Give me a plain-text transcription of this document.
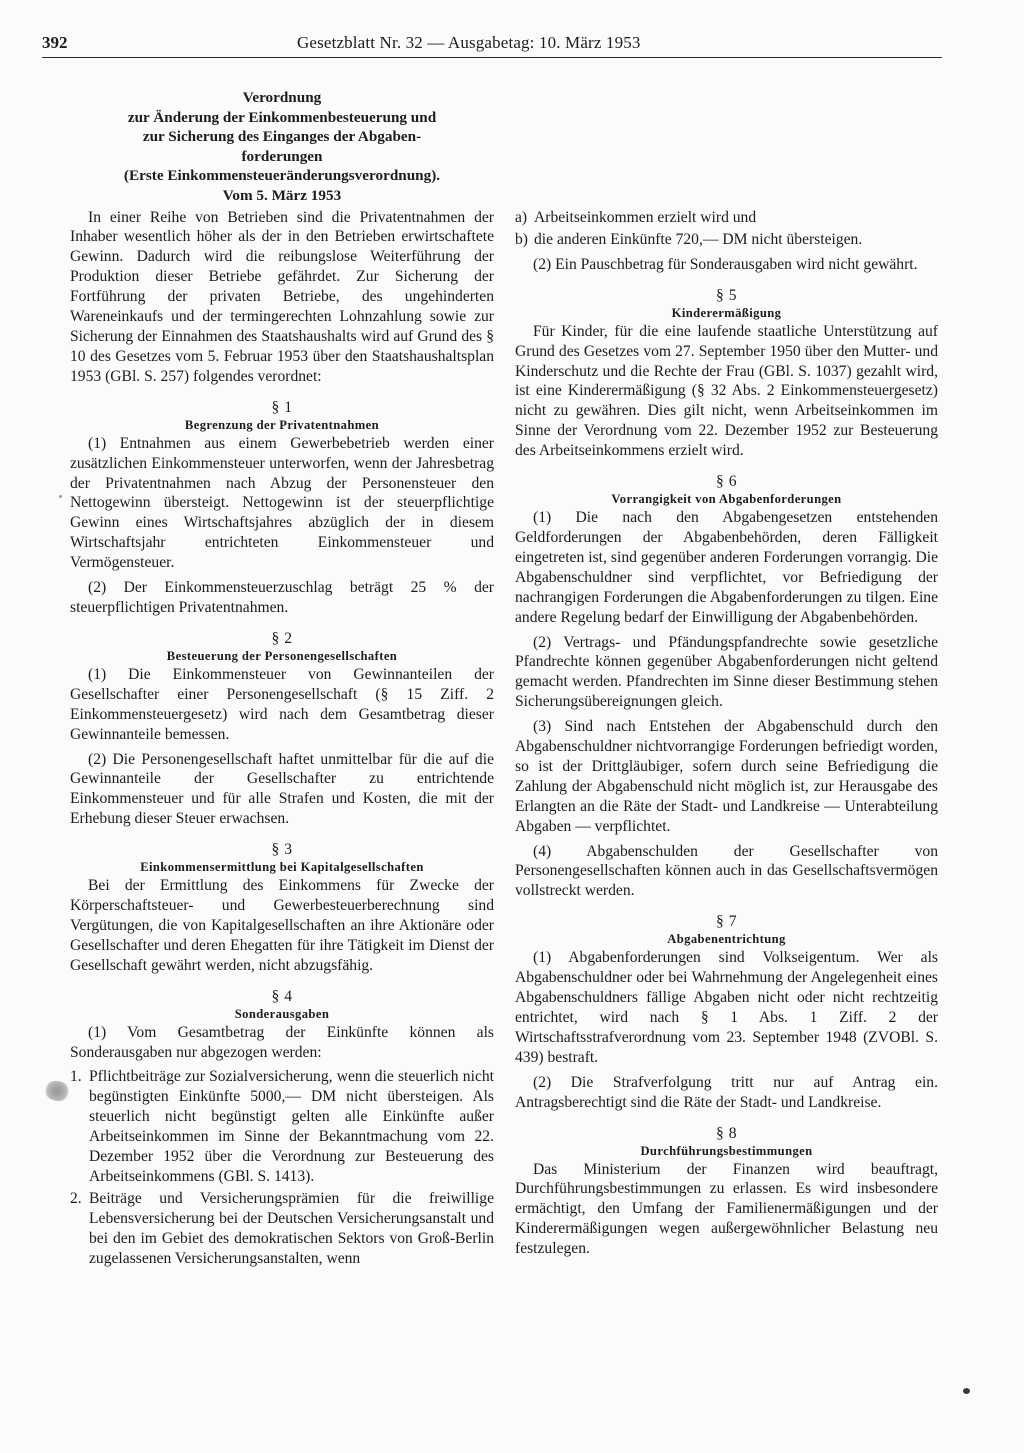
392	Gesetzblatt Nr. 32 — Ausgabetag: 10. März 1953
Verordnung
zur Änderung der Einkommenbesteuerung und
zur Sicherung des Einganges der Abgaben-
forderungen
(Erste Einkommensteueränderungsverordnung).
Vom 5. März 1953

In einer Reihe von Betrieben sind die Privatentnahmen der Inhaber wesentlich höher als der in den Betrieben erwirtschaftete Gewinn. Dadurch wird die reibungslose Weiterführung der Produktion dieser Betriebe gefährdet. Zur Sicherung der Fortführung der privaten Betriebe, des ungehinderten Wareneinkaufs und der termingerechten Lohnzahlung sowie zur Sicherung der Einnahmen des Staatshaushalts wird auf Grund des § 10 des Gesetzes vom 5. Februar 1953 über den Staatshaushaltsplan 1953 (GBl. S. 257) folgendes verordnet:

§ 1
Begrenzung der Privatentnahmen

(1) Entnahmen aus einem Gewerbebetrieb werden einer zusätzlichen Einkommensteuer unterworfen, wenn der Jahresbetrag der Privatentnahmen nach Abzug der Personensteuer den Nettogewinn übersteigt. Nettogewinn ist der steuerpflichtige Gewinn eines Wirtschaftsjahres abzüglich der in diesem Wirtschaftsjahr entrichteten Einkommensteuer und Vermögensteuer.

(2) Der Einkommensteuerzuschlag beträgt 25 % der steuerpflichtigen Privatentnahmen.

§ 2
Besteuerung der Personengesellschaften

(1) Die Einkommensteuer von Gewinnanteilen der Gesellschafter einer Personengesellschaft (§ 15 Ziff. 2 Einkommensteuergesetz) wird nach dem Gesamtbetrag dieser Gewinnanteile bemessen.

(2) Die Personengesellschaft haftet unmittelbar für die auf die Gewinnanteile der Gesellschafter zu entrichtende Einkommensteuer und für alle Strafen und Kosten, die mit der Erhebung dieser Steuer erwachsen.

§ 3
Einkommensermittlung bei Kapitalgesellschaften

Bei der Ermittlung des Einkommens für Zwecke der Körperschaftsteuer- und Gewerbesteuerberechnung sind Vergütungen, die von Kapitalgesellschaften an ihre Aktionäre oder Gesellschafter und deren Ehegatten für ihre Tätigkeit im Dienst der Gesellschaft gewährt werden, nicht abzugsfähig.

§ 4
Sonderausgaben

(1) Vom Gesamtbetrag der Einkünfte können als Sonderausgaben nur abgezogen werden:

1. Pflichtbeiträge zur Sozialversicherung, wenn die steuerlich nicht begünstigten Einkünfte 5000,— DM nicht übersteigen. Als steuerlich nicht begünstigt gelten alle Einkünfte außer Arbeitseinkommen im Sinne der Bekanntmachung vom 22. Dezember 1952 über die Verordnung zur Besteuerung des Arbeitseinkommens (GBl. S. 1413).
2. Beiträge und Versicherungsprämien für die freiwillige Lebensversicherung bei der Deutschen Versicherungsanstalt und bei den im Gebiet des demokratischen Sektors von Groß-Berlin zugelassenen Versicherungsanstalten, wenn
a) Arbeitseinkommen erzielt wird und
b) die anderen Einkünfte 720,— DM nicht übersteigen.

(2) Ein Pauschbetrag für Sonderausgaben wird nicht gewährt.

§ 5
Kinderermäßigung

Für Kinder, für die eine laufende staatliche Unterstützung auf Grund des Gesetzes vom 27. September 1950 über den Mutter- und Kinderschutz und die Rechte der Frau (GBl. S. 1037) gezahlt wird, ist eine Kinderermäßigung (§ 32 Abs. 2 Einkommensteuergesetz) nicht zu gewähren. Dies gilt nicht, wenn Arbeitseinkommen im Sinne der Verordnung vom 22. Dezember 1952 zur Besteuerung des Arbeitseinkommens erzielt wird.

§ 6
Vorrangigkeit von Abgabenforderungen

(1) Die nach den Abgabengesetzen entstehenden Geldforderungen der Abgabenbehörden, deren Fälligkeit eingetreten ist, sind gegenüber anderen Forderungen vorrangig. Die Abgabenschuldner sind verpflichtet, vor Befriedigung der nachrangigen Forderungen die Abgabenforderungen zu tilgen. Eine andere Regelung bedarf der Einwilligung der Abgabenbehörden.

(2) Vertrags- und Pfändungspfandrechte sowie gesetzliche Pfandrechte können gegenüber Abgabenforderungen nicht geltend gemacht werden. Pfandrechten im Sinne dieser Bestimmung stehen Sicherungsübereignungen gleich.

(3) Sind nach Entstehen der Abgabenschuld durch den Abgabenschuldner nichtvorrangige Forderungen befriedigt worden, so ist der Drittgläubiger, sofern durch seine Befriedigung die Zahlung der Abgabenschuld nicht möglich ist, zur Herausgabe des Erlangten an die Räte der Stadt- und Landkreise — Unterabteilung Abgaben — verpflichtet.

(4) Abgabenschulden der Gesellschafter von Personengesellschaften können auch in das Gesellschaftsvermögen vollstreckt werden.

§ 7
Abgabenentrichtung

(1) Abgabenforderungen sind Volkseigentum. Wer als Abgabenschuldner oder bei Wahrnehmung der Angelegenheit eines Abgabenschuldners fällige Abgaben nicht oder nicht rechtzeitig entrichtet, wird nach § 1 Abs. 1 Ziff. 2 der Wirtschaftsstrafverordnung vom 23. September 1948 (ZVOBl. S. 439) bestraft.

(2) Die Strafverfolgung tritt nur auf Antrag ein. Antragsberechtigt sind die Räte der Stadt- und Landkreise.

§ 8
Durchführungsbestimmungen

Das Ministerium der Finanzen wird beauftragt, Durchführungsbestimmungen zu erlassen. Es wird insbesondere ermächtigt, den Umfang der Familienermäßigungen und der Kinderermäßigungen wegen außergewöhnlicher Belastung neu festzulegen.
